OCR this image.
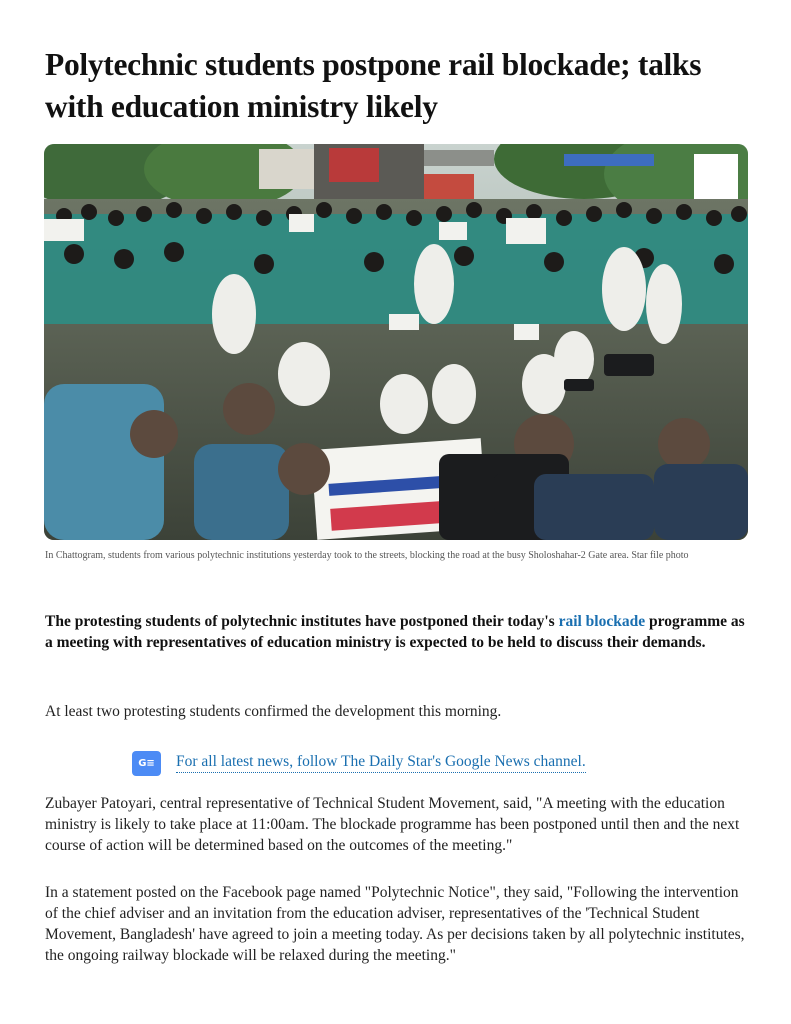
Polytechnic students postpone rail blockade; talks with education ministry likely
In Chattogram, students from various polytechnic institutions yesterday took to the streets, blocking the road at the busy Sholoshahar-2 Gate area. Star file photo

The protesting students of polytechnic institutes have postponed their today's rail blockade programme as a meeting with representatives of education ministry is expected to be held to discuss their demands.

At least two protesting students confirmed the development this morning.

G≡	For all latest news, follow The Daily Star's Google News channel.

Zubayer Patoyari, central representative of Technical Student Movement, said, "A meeting with the education ministry is likely to take place at 11:00am. The blockade programme has been postponed until then and the next course of action will be determined based on the outcomes of the meeting."

In a statement posted on the Facebook page named "Polytechnic Notice", they said, "Following the intervention of the chief adviser and an invitation from the education adviser, representatives of the 'Technical Student Movement, Bangladesh' have agreed to join a meeting today. As per decisions taken by all polytechnic institutes, the ongoing railway blockade will be relaxed during the meeting."
